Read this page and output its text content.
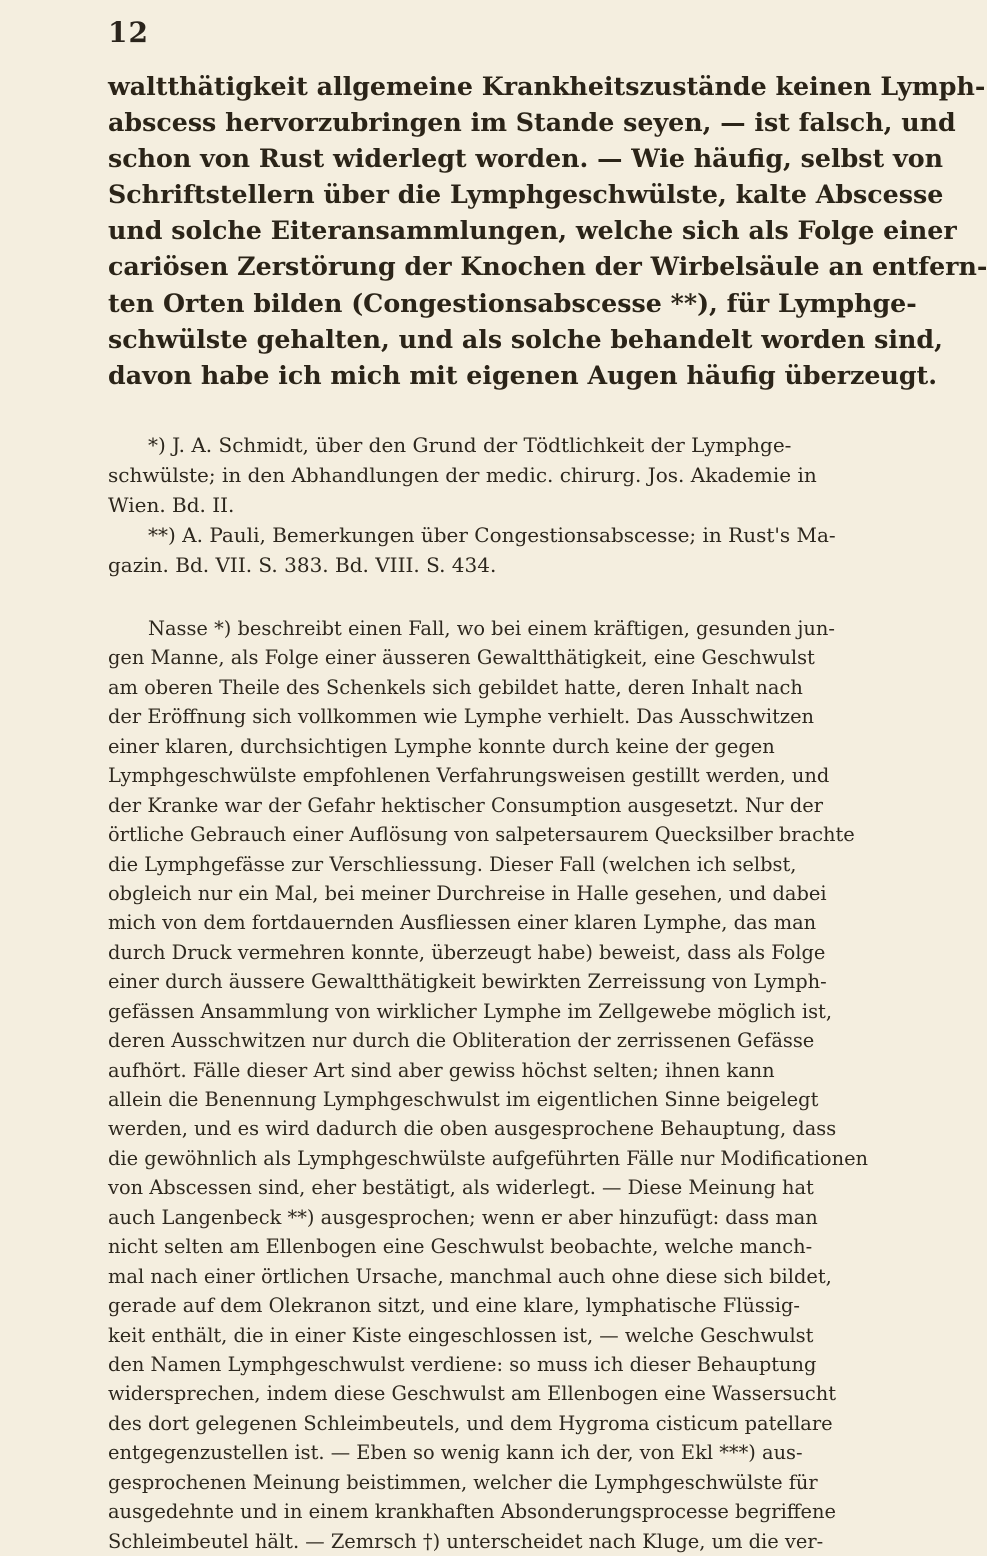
12
waltthätigkeit allgemeine Krankheitszustände keinen Lymph-
abscess hervorzubringen im Stande seyen, — ist falsch, und
schon von Rust widerlegt worden. — Wie häufig, selbst von
Schriftstellern über die Lymphgeschwülste, kalte Abscesse
und solche Eiteransammlungen, welche sich als Folge einer
cariösen Zerstörung der Knochen der Wirbelsäule an entfern-
ten Orten bilden (Congestionsabscesse **), für Lymphge-
schwülste gehalten, und als solche behandelt worden sind,
davon habe ich mich mit eigenen Augen häufig überzeugt.
*) J. A. Schmidt, über den Grund der Tödtlichkeit der Lymphge-
schwülste; in den Abhandlungen der medic. chirurg. Jos. Akademie in
Wien. Bd. II.
**) A. Pauli, Bemerkungen über Congestionsabscesse; in Rust's Ma-
gazin. Bd. VII. S. 383. Bd. VIII. S. 434.
Nasse *) beschreibt einen Fall, wo bei einem kräftigen, gesunden jun-
gen Manne, als Folge einer äusseren Gewaltthätigkeit, eine Geschwulst
am oberen Theile des Schenkels sich gebildet hatte, deren Inhalt nach
der Eröffnung sich vollkommen wie Lymphe verhielt. Das Ausschwitzen
einer klaren, durchsichtigen Lymphe konnte durch keine der gegen
Lymphgeschwülste empfohlenen Verfahrungsweisen gestillt werden, und
der Kranke war der Gefahr hektischer Consumption ausgesetzt. Nur der
örtliche Gebrauch einer Auflösung von salpetersaurem Quecksilber brachte
die Lymphgefässe zur Verschliessung. Dieser Fall (welchen ich selbst,
obgleich nur ein Mal, bei meiner Durchreise in Halle gesehen, und dabei
mich von dem fortdauernden Ausfliessen einer klaren Lymphe, das man
durch Druck vermehren konnte, überzeugt habe) beweist, dass als Folge
einer durch äussere Gewaltthätigkeit bewirkten Zerreissung von Lymph-
gefässen Ansammlung von wirklicher Lymphe im Zellgewebe möglich ist,
deren Ausschwitzen nur durch die Obliteration der zerrissenen Gefässe
aufhört. Fälle dieser Art sind aber gewiss höchst selten; ihnen kann
allein die Benennung Lymphgeschwulst im eigentlichen Sinne beigelegt
werden, und es wird dadurch die oben ausgesprochene Behauptung, dass
die gewöhnlich als Lymphgeschwülste aufgeführten Fälle nur Modificationen
von Abscessen sind, eher bestätigt, als widerlegt. — Diese Meinung hat
auch Langenbeck **) ausgesprochen; wenn er aber hinzufügt: dass man
nicht selten am Ellenbogen eine Geschwulst beobachte, welche manch-
mal nach einer örtlichen Ursache, manchmal auch ohne diese sich bildet,
gerade auf dem Olekranon sitzt, und eine klare, lymphatische Flüssig-
keit enthält, die in einer Kiste eingeschlossen ist, — welche Geschwulst
den Namen Lymphgeschwulst verdiene: so muss ich dieser Behauptung
widersprechen, indem diese Geschwulst am Ellenbogen eine Wassersucht
des dort gelegenen Schleimbeutels, und dem Hygroma cisticum patellare
entgegenzustellen ist. — Eben so wenig kann ich der, von Ekl ***) aus-
gesprochenen Meinung beistimmen, welcher die Lymphgeschwülste für
ausgedehnte und in einem krankhaften Absonderungsprocesse begriffene
Schleimbeutel hält. — Zemrsch †) unterscheidet nach Kluge, um die ver-
